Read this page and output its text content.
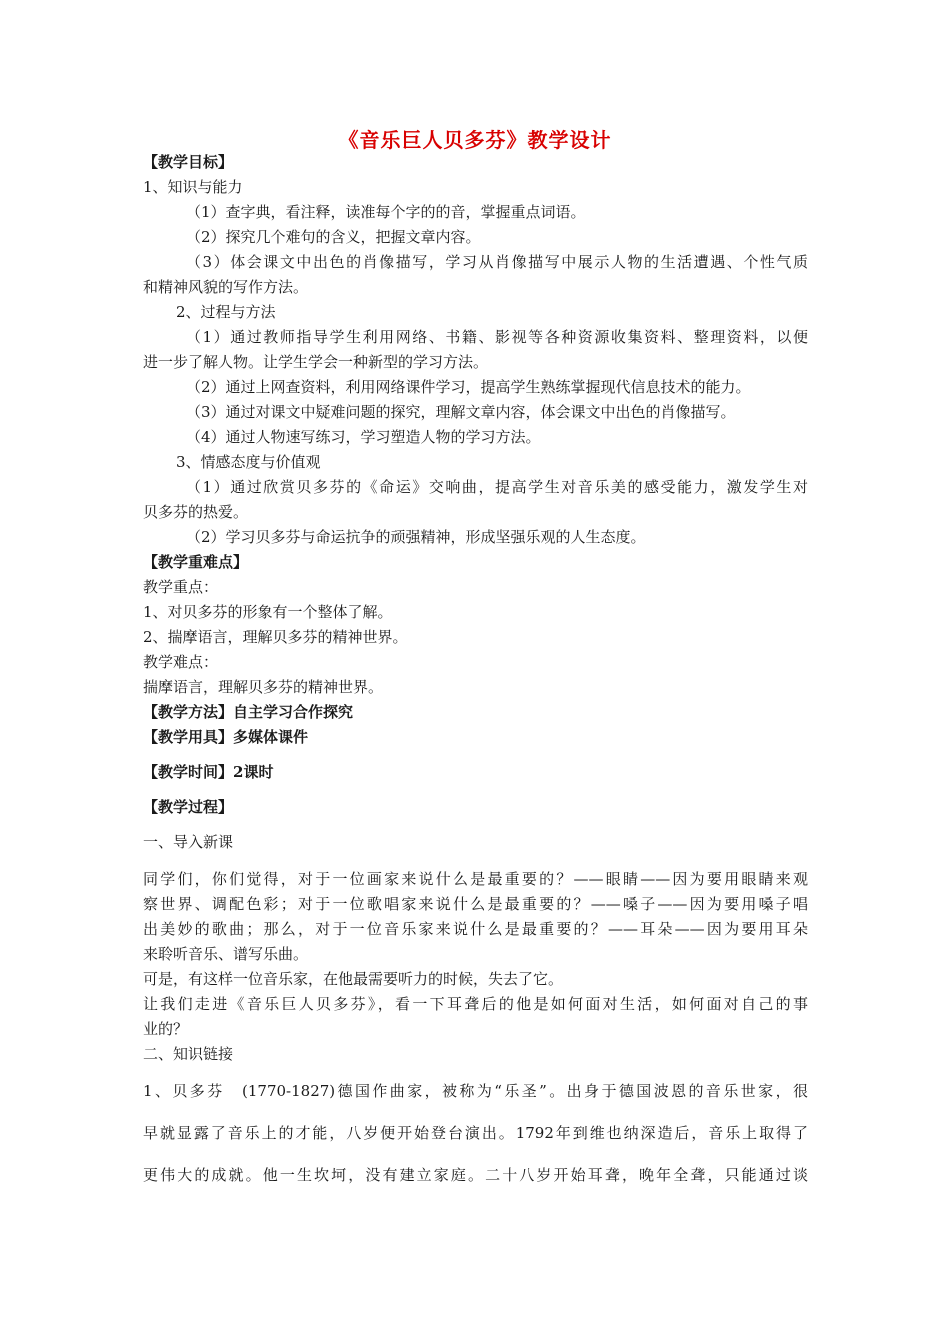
《音乐巨人贝多芬》教学设计
【教学目标】
1、知识与能力
（1）查字典，看注释，读准每个字的的音，掌握重点词语。
（2）探究几个难句的含义，把握文章内容。
（3）体会课文中出色的肖像描写，学习从肖像描写中展示人物的生活遭遇、个性气质
和精神风貌的写作方法。
2、过程与方法
（1）通过教师指导学生利用网络、书籍、影视等各种资源收集资料、整理资料，以便
进一步了解人物。让学生学会一种新型的学习方法。
（2）通过上网查资料，利用网络课件学习，提高学生熟练掌握现代信息技术的能力。
（3）通过对课文中疑难问题的探究，理解文章内容，体会课文中出色的肖像描写。
（4）通过人物速写练习，学习塑造人物的学习方法。
3、情感态度与价值观
（1）通过欣赏贝多芬的《命运》交响曲，提高学生对音乐美的感受能力，激发学生对
贝多芬的热爱。
（2）学习贝多芬与命运抗争的顽强精神，形成坚强乐观的人生态度。
【教学重难点】
教学重点：
1、对贝多芬的形象有一个整体了解。
2、揣摩语言，理解贝多芬的精神世界。
教学难点：
揣摩语言，理解贝多芬的精神世界。
【教学方法】自主学习合作探究
【教学用具】多媒体课件
【教学时间】2课时
【教学过程】
一、导入新课
同学们，你们觉得，对于一位画家来说什么是最重要的？——眼睛——因为要用眼睛来观
察世界、调配色彩；对于一位歌唱家来说什么是最重要的？——嗓子——因为要用嗓子唱
出美妙的歌曲；那么，对于一位音乐家来说什么是最重要的？——耳朵——因为要用耳朵
来聆听音乐、谱写乐曲。
可是，有这样一位音乐家，在他最需要听力的时候，失去了它。
让我们走进《音乐巨人贝多芬》，看一下耳聋后的他是如何面对生活，如何面对自己的事
业的？
二、知识链接
1、贝多芬　(1770-1827)德国作曲家，被称为“乐圣”。出身于德国波恩的音乐世家，很
早就显露了音乐上的才能，八岁便开始登台演出。1792年到维也纳深造后，音乐上取得了
更伟大的成就。他一生坎坷，没有建立家庭。二十八岁开始耳聋，晚年全聋，只能通过谈
